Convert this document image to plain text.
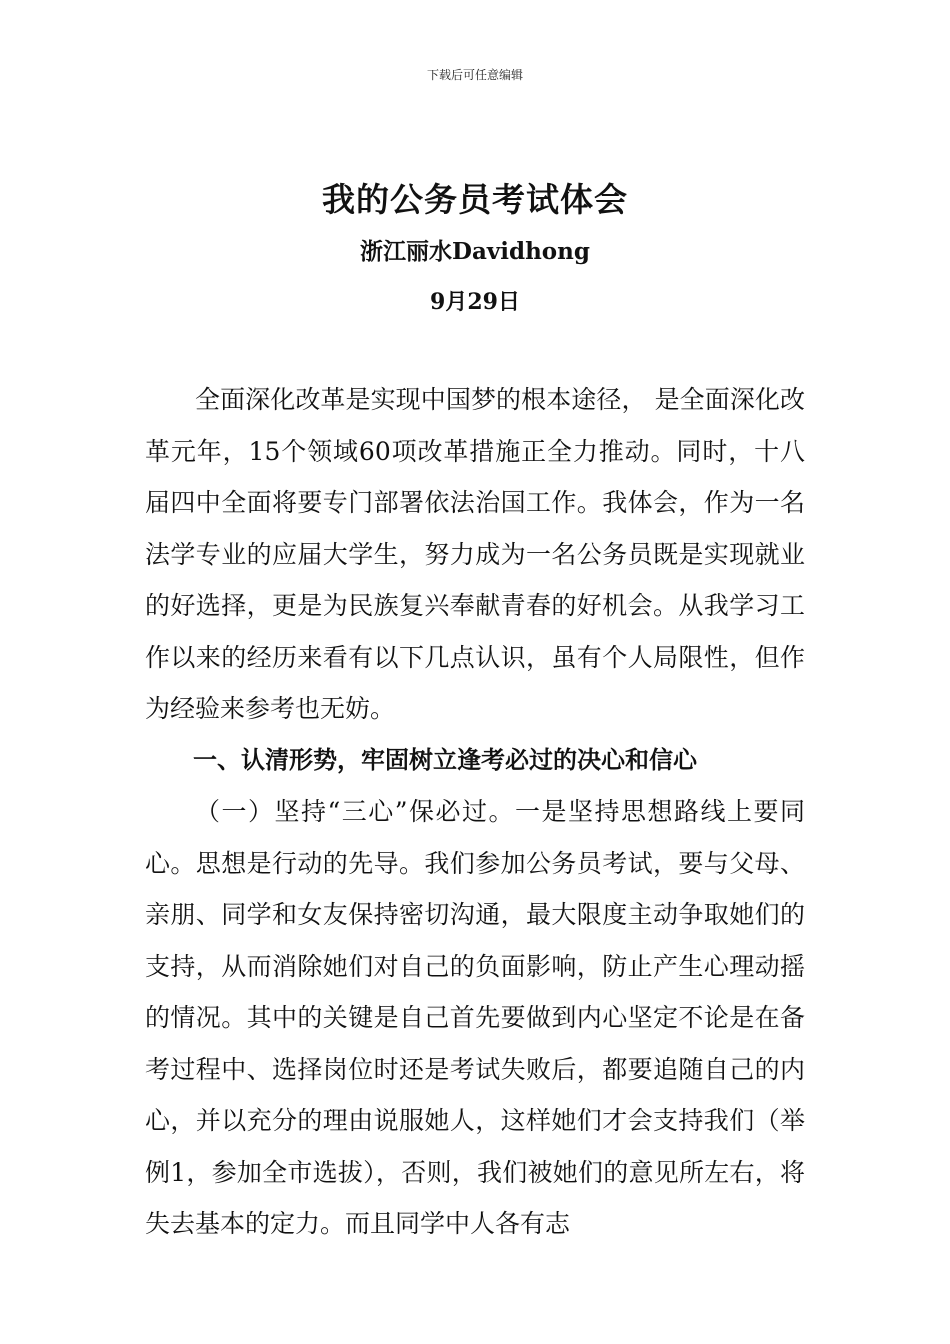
下载后可任意编辑
我的公务员考试体会
浙江丽水Davidhong
9月29日

全面深化改革是实现中国梦的根本途径， 是全面深化改革元年，15个领域60项改革措施正全力推动。同时，十八届四中全面将要专门部署依法治国工作。我体会，作为一名法学专业的应届大学生，努力成为一名公务员既是实现就业的好选择，更是为民族复兴奉献青春的好机会。从我学习工作以来的经历来看有以下几点认识，虽有个人局限性，但作为经验来参考也无妨。

一、认清形势，牢固树立逢考必过的决心和信心

（一）坚持“三心”保必过。一是坚持思想路线上要同心。思想是行动的先导。我们参加公务员考试，要与父母、亲朋、同学和女友保持密切沟通，最大限度主动争取她们的支持，从而消除她们对自己的负面影响，防止产生心理动摇的情况。其中的关键是自己首先要做到内心坚定不论是在备考过程中、选择岗位时还是考试失败后，都要追随自己的内心，并以充分的理由说服她人，这样她们才会支持我们（举例1，参加全市选拔），否则，我们被她们的意见所左右，将失去基本的定力。而且同学中人各有志
